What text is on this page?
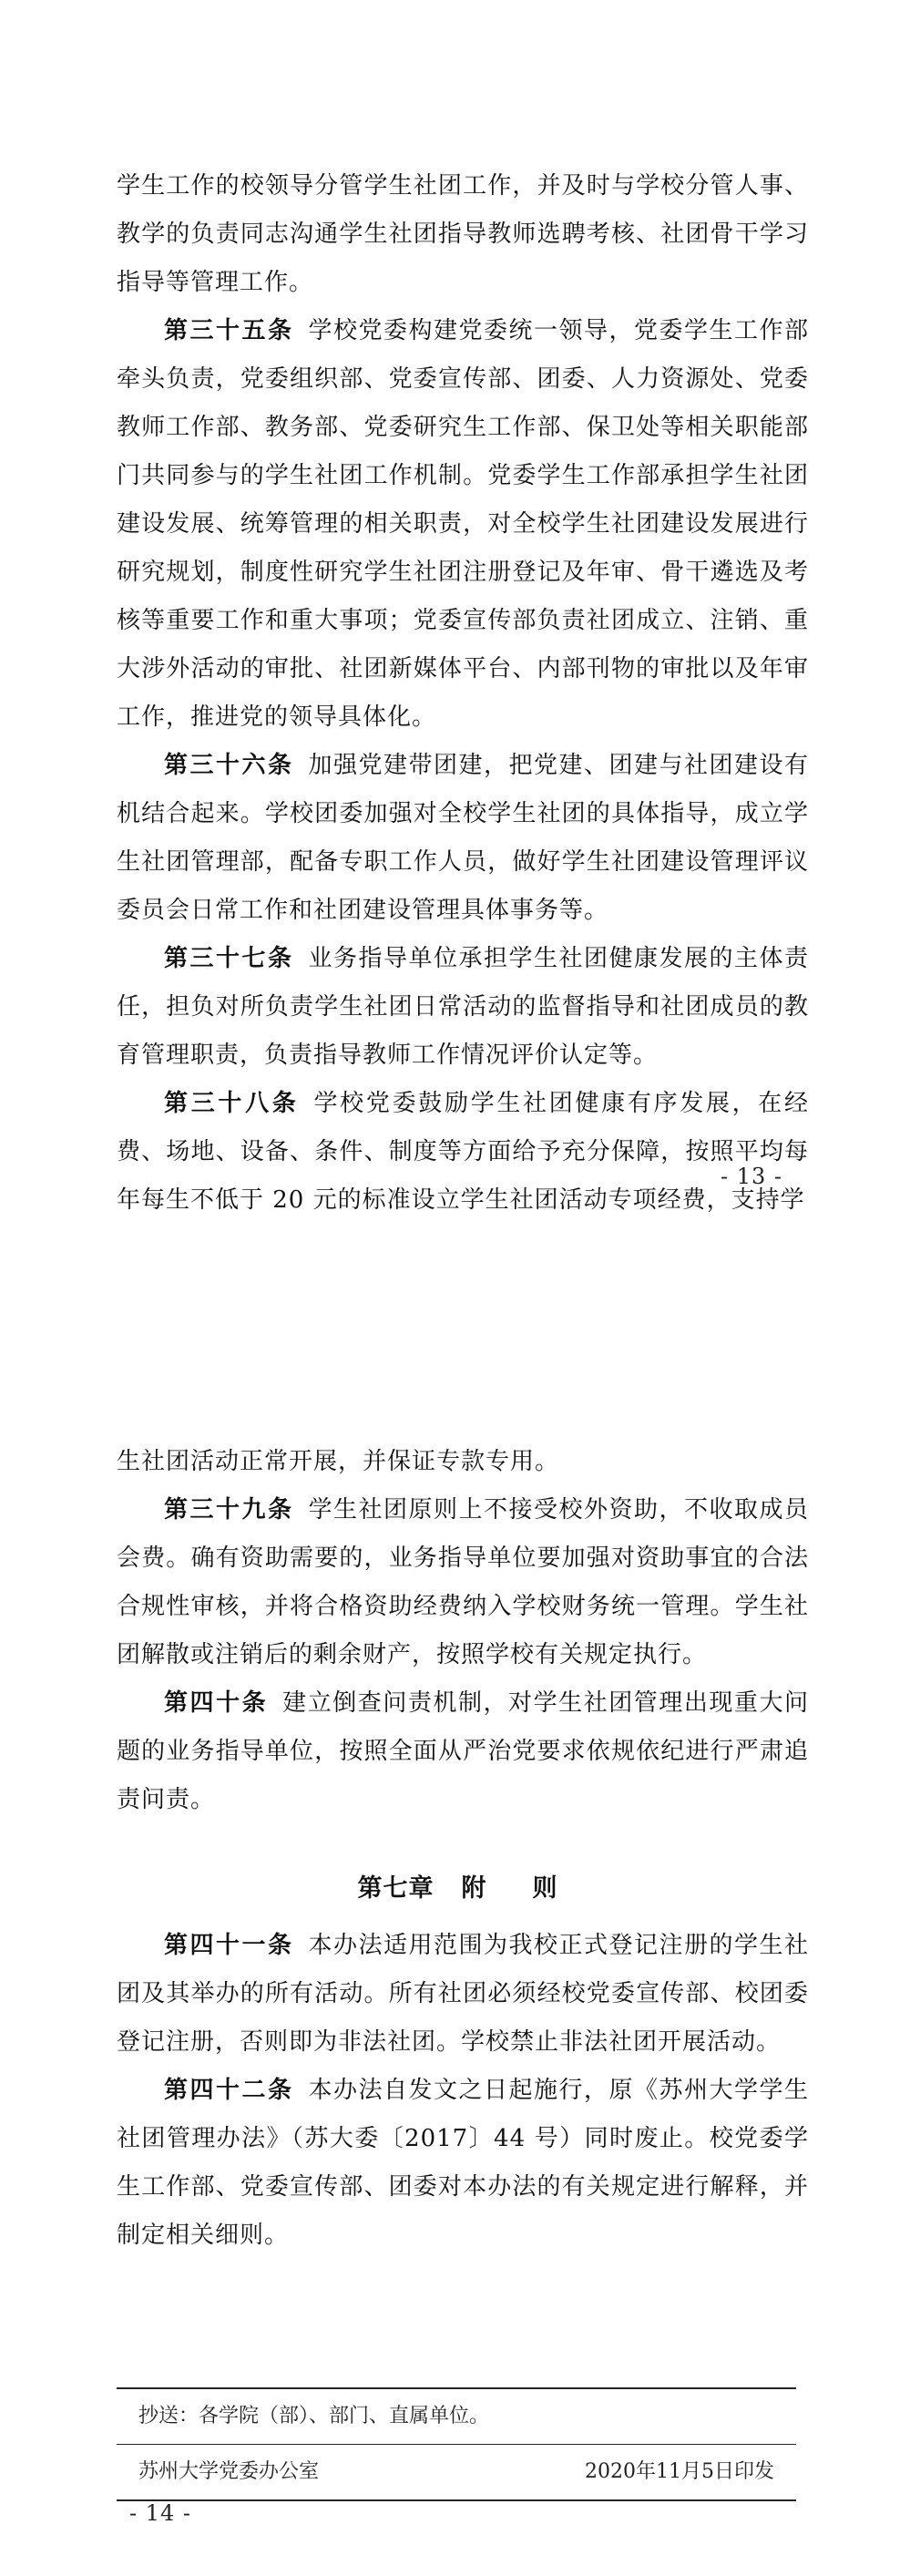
学生工作的校领导分管学生社团工作，并及时与学校分管人事、教学的负责同志沟通学生社团指导教师选聘考核、社团骨干学习指导等管理工作。

第三十五条 学校党委构建党委统一领导，党委学生工作部牵头负责，党委组织部、党委宣传部、团委、人力资源处、党委教师工作部、教务部、党委研究生工作部、保卫处等相关职能部门共同参与的学生社团工作机制。党委学生工作部承担学生社团建设发展、统筹管理的相关职责，对全校学生社团建设发展进行研究规划，制度性研究学生社团注册登记及年审、骨干遴选及考核等重要工作和重大事项；党委宣传部负责社团成立、注销、重大涉外活动的审批、社团新媒体平台、内部刊物的审批以及年审工作，推进党的领导具体化。

第三十六条 加强党建带团建，把党建、团建与社团建设有机结合起来。学校团委加强对全校学生社团的具体指导，成立学生社团管理部，配备专职工作人员，做好学生社团建设管理评议委员会日常工作和社团建设管理具体事务等。

第三十七条 业务指导单位承担学生社团健康发展的主体责任，担负对所负责学生社团日常活动的监督指导和社团成员的教育管理职责，负责指导教师工作情况评价认定等。

第三十八条 学校党委鼓励学生社团健康有序发展，在经费、场地、设备、条件、制度等方面给予充分保障，按照平均每年每生不低于 20 元的标准设立学生社团活动专项经费，支持学

- 13 -

生社团活动正常开展，并保证专款专用。

第三十九条 学生社团原则上不接受校外资助，不收取成员会费。确有资助需要的，业务指导单位要加强对资助事宜的合法合规性审核，并将合格资助经费纳入学校财务统一管理。学生社团解散或注销后的剩余财产，按照学校有关规定执行。

第四十条 建立倒查问责机制，对学生社团管理出现重大问题的业务指导单位，按照全面从严治党要求依规依纪进行严肃追责问责。

第七章 附　则

第四十一条 本办法适用范围为我校正式登记注册的学生社团及其举办的所有活动。所有社团必须经校党委宣传部、校团委登记注册，否则即为非法社团。学校禁止非法社团开展活动。

第四十二条 本办法自发文之日起施行，原《苏州大学学生社团管理办法》（苏大委〔2017〕44 号）同时废止。校党委学生工作部、党委宣传部、团委对本办法的有关规定进行解释，并制定相关细则。

抄送：各学院（部）、部门、直属单位。
苏州大学党委办公室	2020年11月5日印发
- 14 -
